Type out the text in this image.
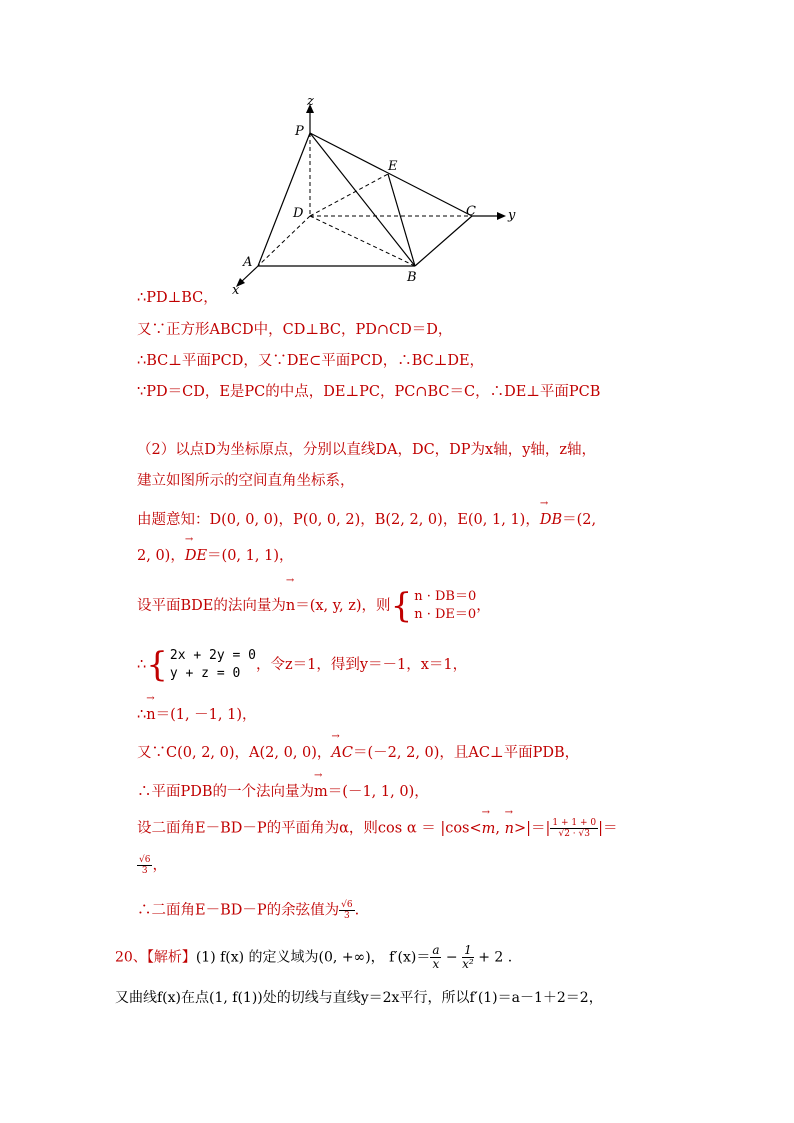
z
P
E
D	C y
A
B
x
∴PD⊥BC，
又∵正方形ABCD中，CD⊥BC，PD∩CD＝D，
∴BC⊥平面PCD，又∵DE⊂平面PCD，∴BC⊥DE，
∵PD＝CD，E是PC的中点，DE⊥PC，PC∩BC＝C，∴DE⊥平面PCB
（2）以点D为坐标原点，分别以直线DA，DC，DP为x轴，y轴，z轴，
建立如图所示的空间直角坐标系，
由题意知：D(0, 0, 0)，P(0, 0, 2)，B(2, 2, 0)，E(0, 1, 1)，→ DB＝(2,
2, 0)，→ DE＝(0, 1, 1)，
设平面BDE的法向量为→ n＝(x, y, z)，则{ n · DB＝0
n · DE＝0
，
∴{ 2x + 2y = 0
y + z = 0
，令z＝1，得到y＝－1，x＝1，
∴→ n＝(1, －1, 1)，
又∵C(0, 2, 0)，A(2, 0, 0)，→ AC＝(－2, 2, 0)，且AC⊥平面PDB，
∴平面PDB的一个法向量为→ m＝(－1, 1, 0)，
设二面角E－BD－P的平面角为α，则cos α ＝ |cos<→ m, → $n>|=| \frac{1 + 1 + 0}{√2 \cdot √3}$ |＝
$\frac{√6}{3}$ ，
∴二面角E－BD－P的余弦值为 $\frac{√6}{3}$ .
20、【解析】(1) f(x) 的定义域为(0, +∞)， $f'(x)= \frac{a}{x} - \frac{1}{\text{x²}} + 2$ .
又曲线f(x)在点(1, f(1))处的切线与直线y＝2x平行，所以f′(1)＝a－1＋2＝2，
